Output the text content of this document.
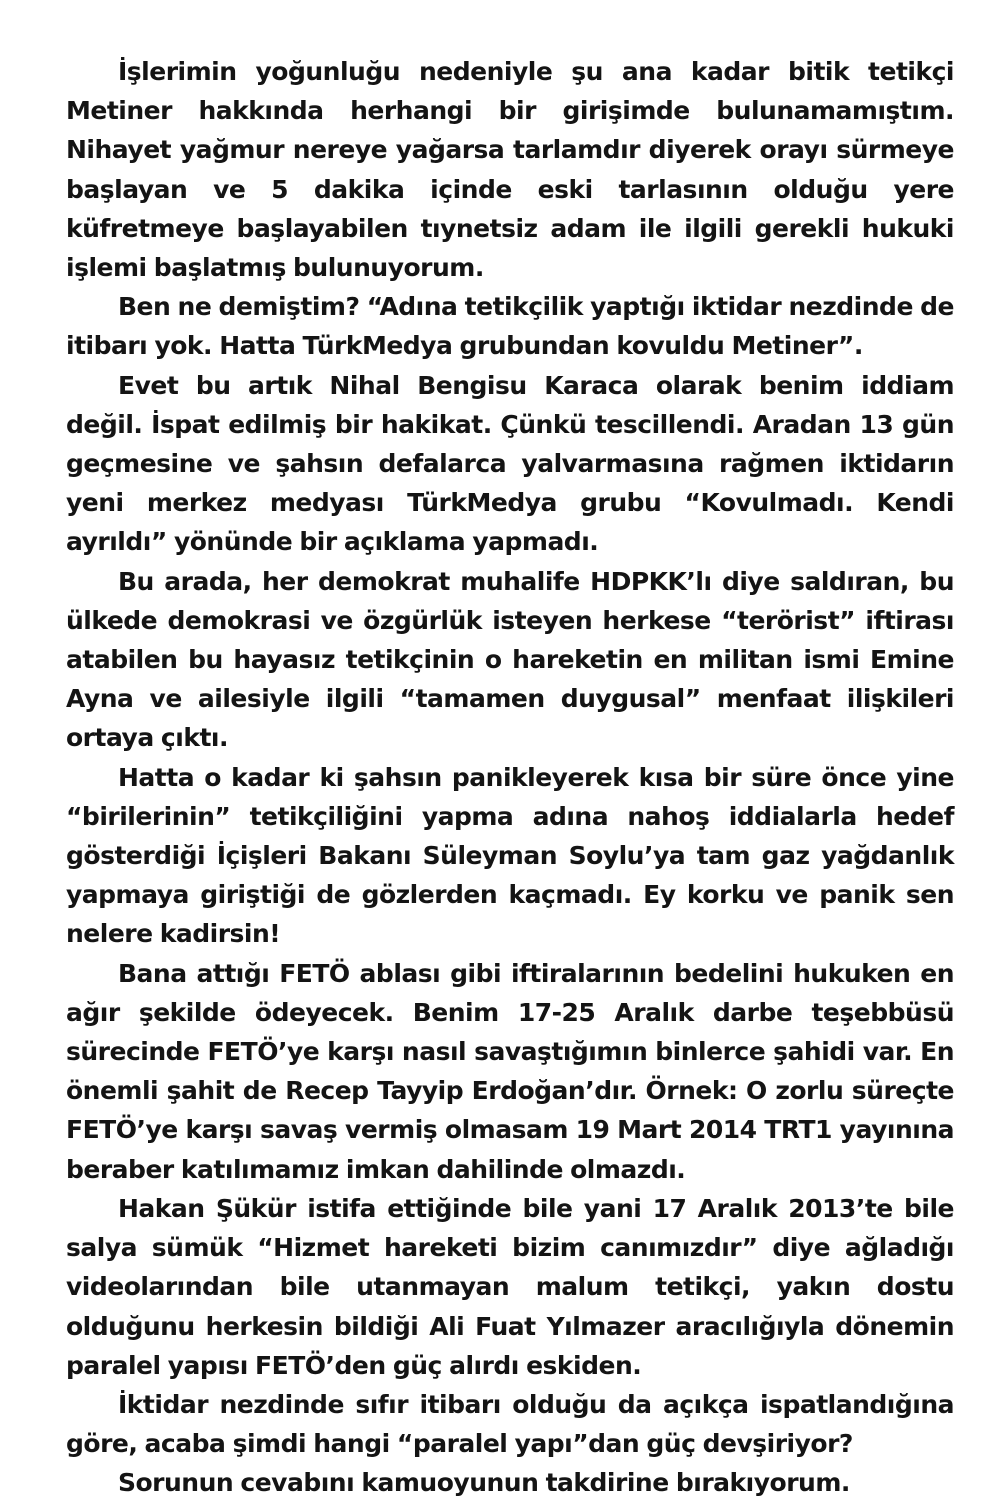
İşlerimin yoğunluğu nedeniyle şu ana kadar bitik tetikçi Metiner hakkında herhangi bir girişimde bulunamamıştım. Nihayet yağmur nereye yağarsa tarlamdır diyerek orayı sürmeye başlayan ve 5 dakika içinde eski tarlasının olduğu yere küfretmeye başlayabilen tıynetsiz adam ile ilgili gerekli hukuki işlemi başlatmış bulunuyorum.

Ben ne demiştim? “Adına tetikçilik yaptığı iktidar nezdinde de itibarı yok. Hatta TürkMedya grubundan kovuldu Metiner”.

Evet bu artık Nihal Bengisu Karaca olarak benim iddiam değil. İspat edilmiş bir hakikat. Çünkü tescillendi. Aradan 13 gün geçmesine ve şahsın defalarca yalvarmasına rağmen iktidarın yeni merkez medyası TürkMedya grubu “Kovulmadı. Kendi ayrıldı” yönünde bir açıklama yapmadı.

Bu arada, her demokrat muhalife HDPKK’lı diye saldıran, bu ülkede demokrasi ve özgürlük isteyen herkese “terörist” iftirası atabilen bu hayasız tetikçinin o hareketin en militan ismi Emine Ayna ve ailesiyle ilgili “tamamen duygusal” menfaat ilişkileri ortaya çıktı.

Hatta o kadar ki şahsın panikleyerek kısa bir süre önce yine “birilerinin” tetikçiliğini yapma adına nahoş iddialarla hedef gösterdiği İçişleri Bakanı Süleyman Soylu’ya tam gaz yağdanlık yapmaya giriştiği de gözlerden kaçmadı. Ey korku ve panik sen nelere kadirsin!

Bana attığı FETÖ ablası gibi iftiralarının bedelini hukuken en ağır şekilde ödeyecek. Benim 17-25 Aralık darbe teşebbüsü sürecinde FETÖ’ye karşı nasıl savaştığımın binlerce şahidi var. En önemli şahit de Recep Tayyip Erdoğan’dır. Örnek: O zorlu süreçte FETÖ’ye karşı savaş vermiş olmasam 19 Mart 2014 TRT1 yayınına beraber katılımamız imkan dahilinde olmazdı.

Hakan Şükür istifa ettiğinde bile yani 17 Aralık 2013’te bile salya sümük “Hizmet hareketi bizim canımızdır” diye ağladığı videolarından bile utanmayan malum tetikçi, yakın dostu olduğunu herkesin bildiği Ali Fuat Yılmazer aracılığıyla dönemin paralel yapısı FETÖ’den güç alırdı eskiden.

İktidar nezdinde sıfır itibarı olduğu da açıkça ispatlandığına göre, acaba şimdi hangi “paralel yapı”dan güç devşiriyor?

Sorunun cevabını kamuoyunun takdirine bırakıyorum.
